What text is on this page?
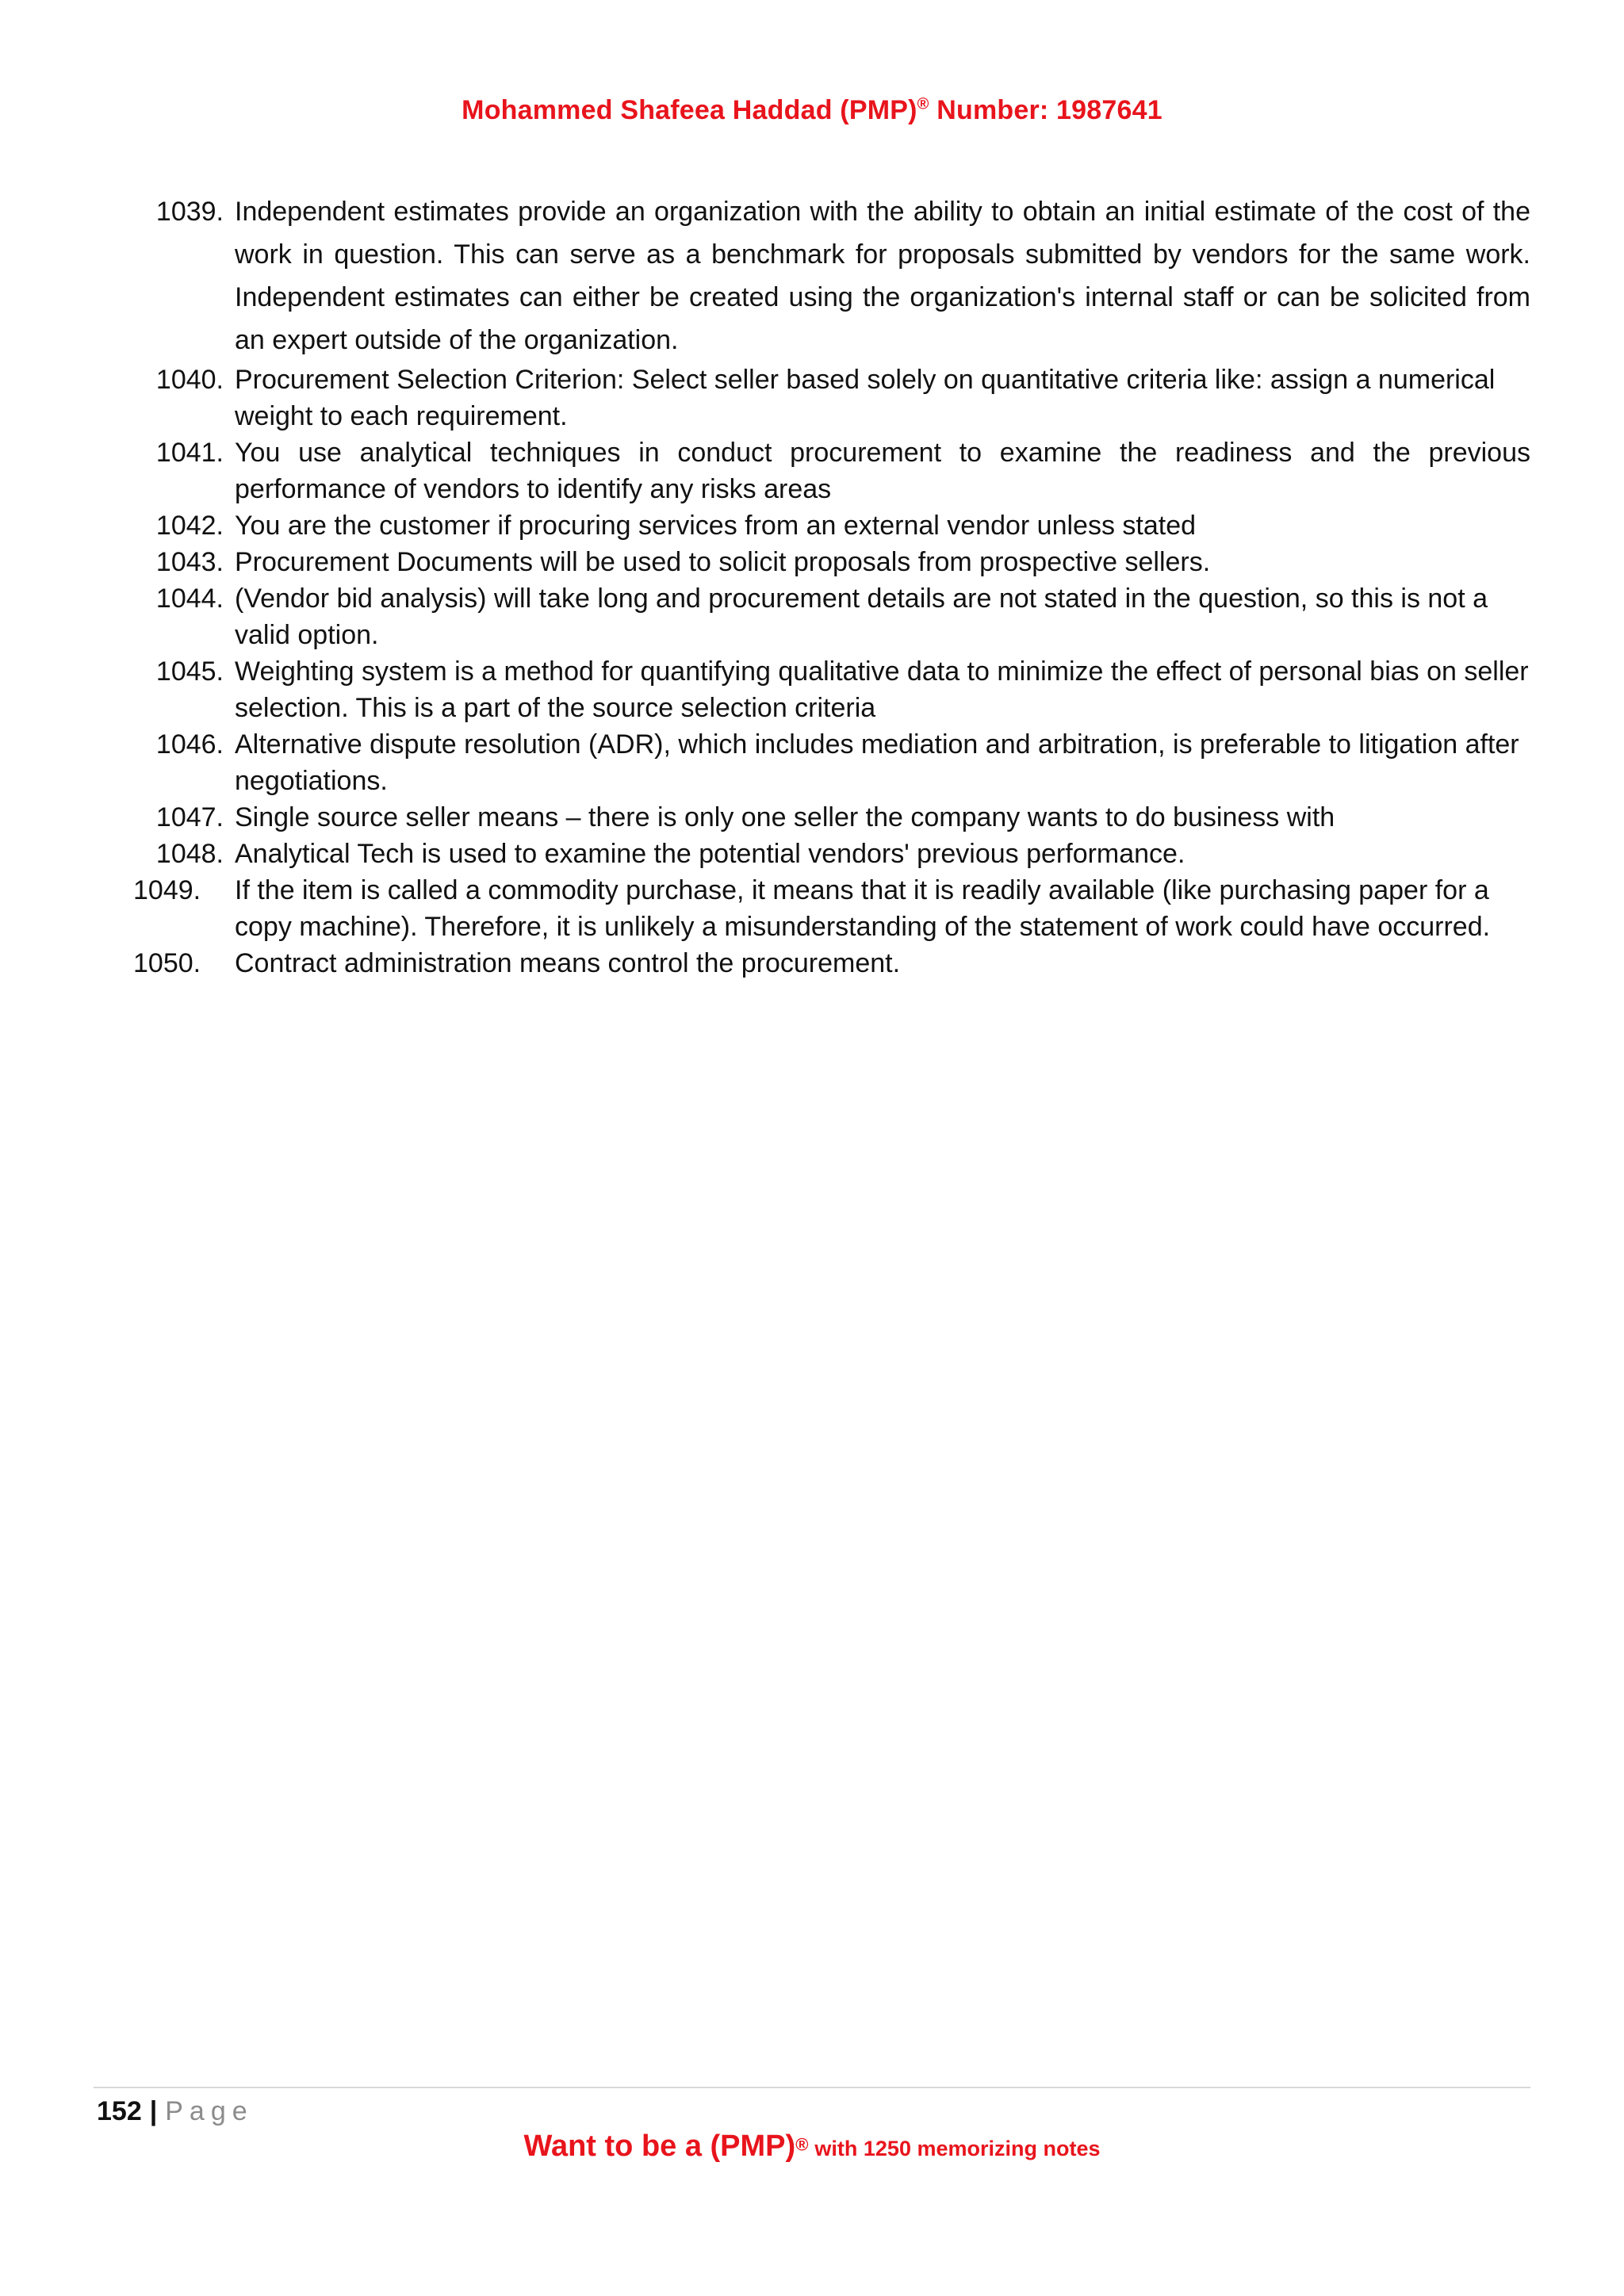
Mohammed Shafeea Haddad (PMP)® Number: 1987641
1039. Independent estimates provide an organization with the ability to obtain an initial estimate of the cost of the work in question. This can serve as a benchmark for proposals submitted by vendors for the same work. Independent estimates can either be created using the organization's internal staff or can be solicited from an expert outside of the organization.
1040. Procurement Selection Criterion: Select seller based solely on quantitative criteria like: assign a numerical weight to each requirement.
1041. You use analytical techniques in conduct procurement to examine the readiness and the previous performance of vendors to identify any risks areas
1042. You are the customer if procuring services from an external vendor unless stated
1043. Procurement Documents will be used to solicit proposals from prospective sellers.
1044. (Vendor bid analysis) will take long and procurement details are not stated in the question, so this is not a valid option.
1045. Weighting system is a method for quantifying qualitative data to minimize the effect of personal bias on seller selection. This is a part of the source selection criteria
1046. Alternative dispute resolution (ADR), which includes mediation and arbitration, is preferable to litigation after negotiations.
1047. Single source seller means – there is only one seller the company wants to do business with
1048. Analytical Tech is used to examine the potential vendors' previous performance.
1049.	If the item is called a commodity purchase, it means that it is readily available (like purchasing paper for a copy machine). Therefore, it is unlikely a misunderstanding of the statement of work could have occurred.
1050.	Contract administration means control the procurement.
152 | Page
Want to be a (PMP)® with 1250 memorizing notes
